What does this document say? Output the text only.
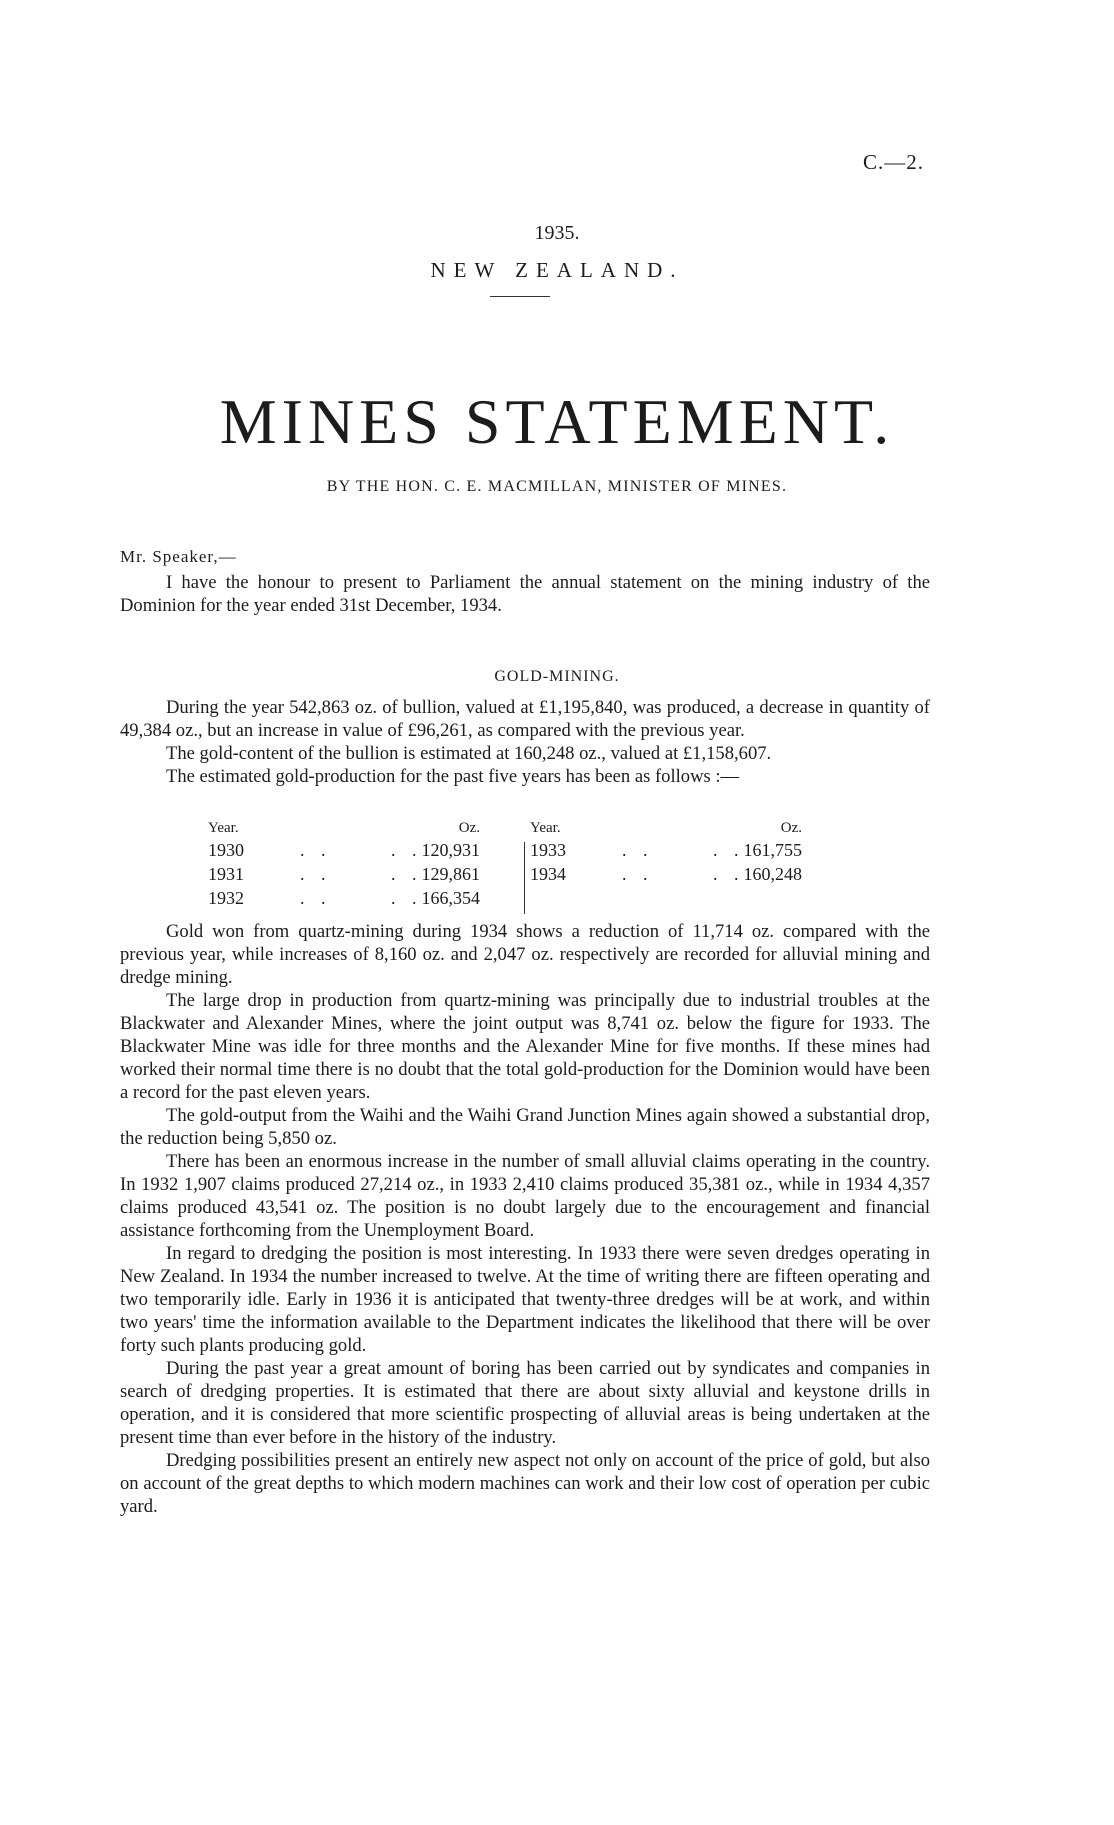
C.—2.
1935.
NEW ZEALAND.
MINES STATEMENT.
BY THE HON. C. E. MACMILLAN, MINISTER OF MINES.
Mr. Speaker,—

I have the honour to present to Parliament the annual statement on the mining industry of the Dominion for the year ended 31st December, 1934.

GOLD-MINING.

During the year 542,863 oz. of bullion, valued at £1,195,840, was produced, a decrease in quantity of 49,384 oz., but an increase in value of £96,261, as compared with the previous year.

The gold-content of the bullion is estimated at 160,248 oz., valued at £1,158,607.

The estimated gold-production for the past five years has been as follows :—

Year.	Oz.
1930	. .	. . 120,931
1931	. .	. . 129,861
1932	. .	. . 166,354
Year.	Oz.
1933	. .	. . 161,755
1934	. .	. . 160,248

Gold won from quartz-mining during 1934 shows a reduction of 11,714 oz. compared with the previous year, while increases of 8,160 oz. and 2,047 oz. respectively are recorded for alluvial mining and dredge mining.

The large drop in production from quartz-mining was principally due to industrial troubles at the Blackwater and Alexander Mines, where the joint output was 8,741 oz. below the figure for 1933. The Blackwater Mine was idle for three months and the Alexander Mine for five months. If these mines had worked their normal time there is no doubt that the total gold-production for the Dominion would have been a record for the past eleven years.

The gold-output from the Waihi and the Waihi Grand Junction Mines again showed a substantial drop, the reduction being 5,850 oz.

There has been an enormous increase in the number of small alluvial claims operating in the country. In 1932 1,907 claims produced 27,214 oz., in 1933 2,410 claims produced 35,381 oz., while in 1934 4,357 claims produced 43,541 oz. The position is no doubt largely due to the encouragement and financial assistance forthcoming from the Unemployment Board.

In regard to dredging the position is most interesting. In 1933 there were seven dredges operating in New Zealand. In 1934 the number increased to twelve. At the time of writing there are fifteen operating and two temporarily idle. Early in 1936 it is anticipated that twenty-three dredges will be at work, and within two years' time the information available to the Department indicates the likelihood that there will be over forty such plants producing gold.

During the past year a great amount of boring has been carried out by syndicates and companies in search of dredging properties. It is estimated that there are about sixty alluvial and keystone drills in operation, and it is considered that more scientific prospecting of alluvial areas is being undertaken at the present time than ever before in the history of the industry.

Dredging possibilities present an entirely new aspect not only on account of the price of gold, but also on account of the great depths to which modern machines can work and their low cost of operation per cubic yard.
